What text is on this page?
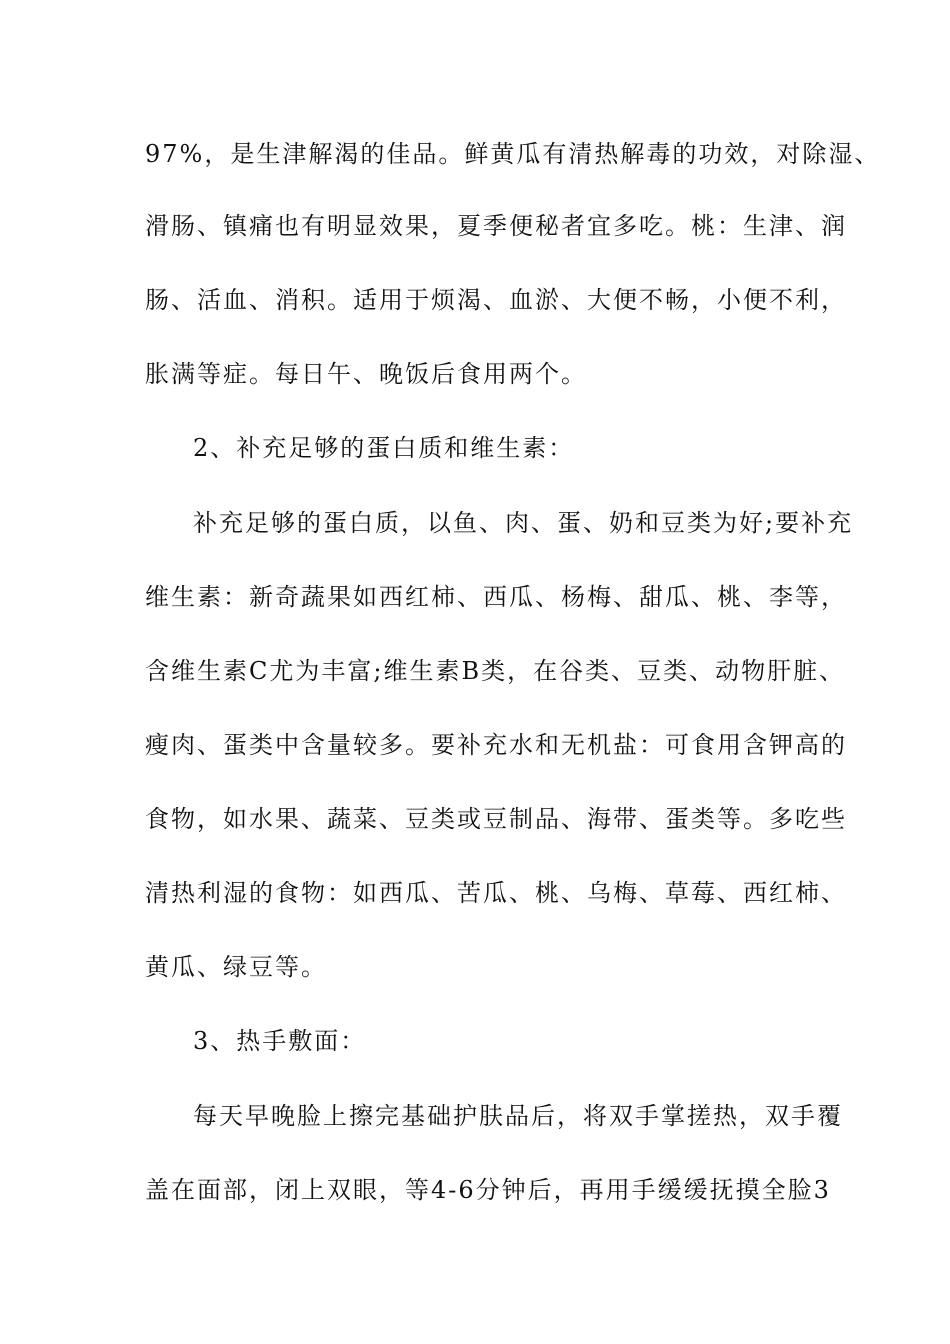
97%，是生津解渴的佳品。鲜黄瓜有清热解毒的功效，对除湿、
滑肠、镇痛也有明显效果，夏季便秘者宜多吃。桃：生津、润
肠、活血、消积。适用于烦渴、血淤、大便不畅，小便不利，
胀满等症。每日午、晚饭后食用两个。
2、补充足够的蛋白质和维生素：
补充足够的蛋白质，以鱼、肉、蛋、奶和豆类为好;要补充
维生素：新奇蔬果如西红柿、西瓜、杨梅、甜瓜、桃、李等，
含维生素C尤为丰富;维生素B类，在谷类、豆类、动物肝脏、
瘦肉、蛋类中含量较多。要补充水和无机盐：可食用含钾高的
食物，如水果、蔬菜、豆类或豆制品、海带、蛋类等。多吃些
清热利湿的食物：如西瓜、苦瓜、桃、乌梅、草莓、西红柿、
黄瓜、绿豆等。
3、热手敷面：
每天早晚脸上擦完基础护肤品后，将双手掌搓热，双手覆
盖在面部，闭上双眼，等4-6分钟后，再用手缓缓抚摸全脸3
